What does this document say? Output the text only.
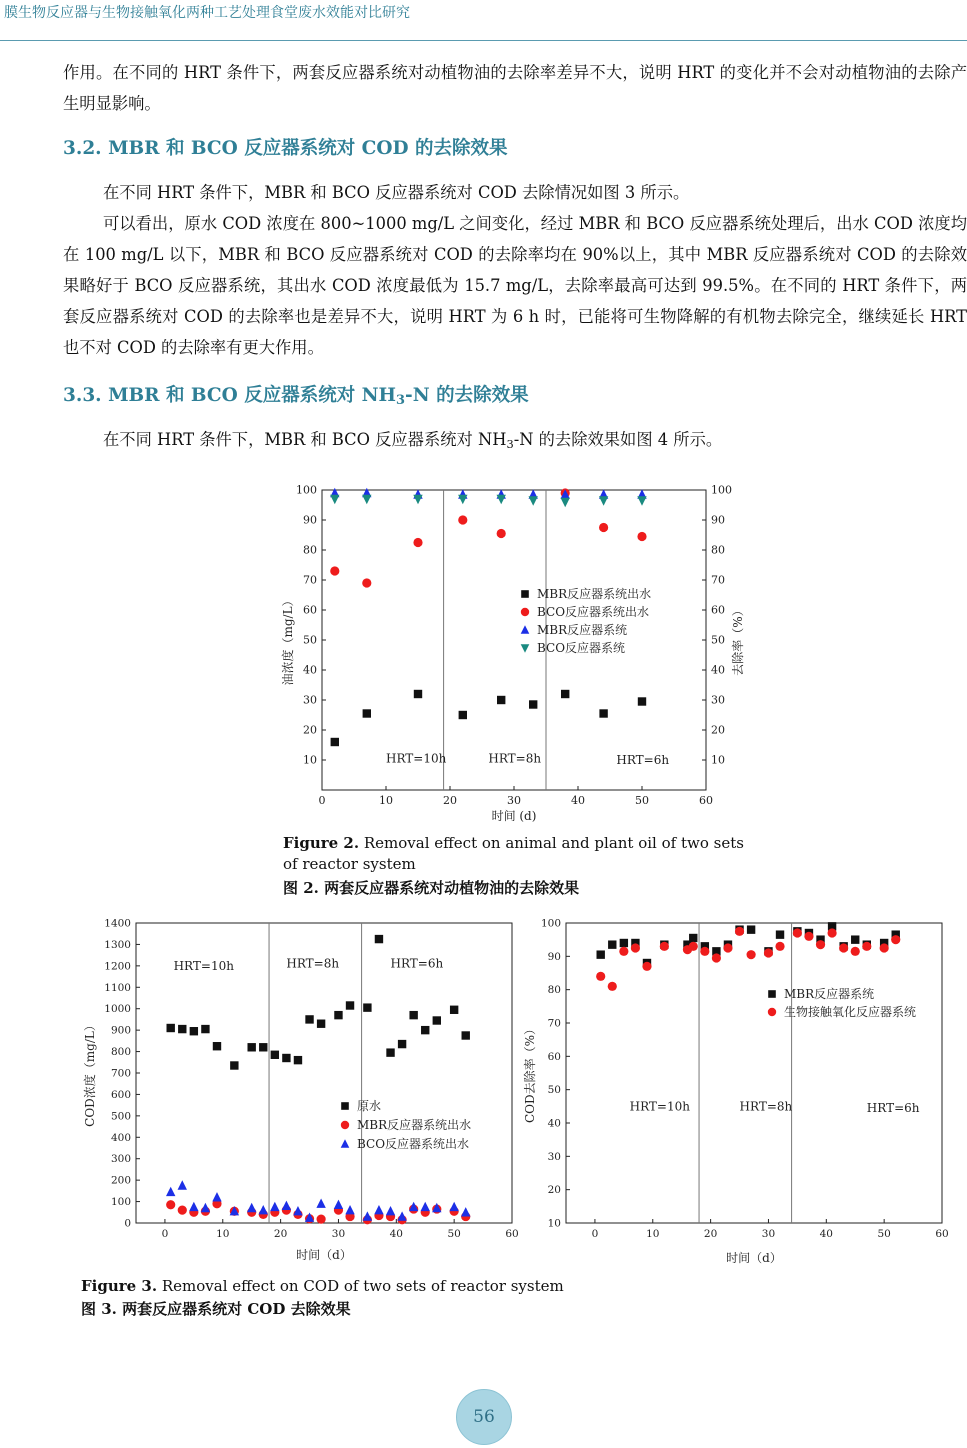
膜生物反应器与生物接触氧化两种工艺处理食堂废水效能对比研究

作用。在不同的 HRT 条件下，两套反应器系统对动植物油的去除率差异不大，说明 HRT 的变化并不会对动植物油的去除产生明显影响。

3.2. MBR 和 BCO 反应器系统对 COD 的去除效果

在不同 HRT 条件下，MBR 和 BCO 反应器系统对 COD 去除情况如图 3 所示。

可以看出，原水 COD 浓度在 800~1000 mg/L 之间变化，经过 MBR 和 BCO 反应器系统处理后，出水 COD 浓度均在 100 mg/L 以下，MBR 和 BCO 反应器系统对 COD 的去除率均在 90%以上，其中 MBR 反应器系统对 COD 的去除效果略好于 BCO 反应器系统，其出水 COD 浓度最低为 15.7 mg/L，去除率最高可达到 99.5%。在不同的 HRT 条件下，两套反应器系统对 COD 的去除率也是差异不大，说明 HRT 为 6 h 时，已能将可生物降解的有机物去除完全，继续延长 HRT 也不对 COD 的去除率有更大作用。

3.3. MBR 和 BCO 反应器系统对 $NH_3-N$ 的去除效果

在不同 HRT 条件下，MBR 和 BCO 反应器系统对 $NH_3-N$ 的去除效果如图 4 所示。

0	10	20	30	40	50	60
10
20
30
40
50
60
70
80
90
100
10
20
30
40
50
60
70
80
90
100
去除率（%）
HRT=10h	HRT=8h	HRT=6h
时间 (d)
油浓度（mg/L）
MBR反应器系统出水
BCO反应器系统出水
MBR反应器系统
BCO反应器系统

Figure 2. Removal effect on animal and plant oil of two sets of reactor system

图 2. 两套反应器系统对动植物油的去除效果

0	10	20	30	40	50	60
0
100
200
300
400
500
600
700
800
900
1000
1100
1200
1300
1400
HRT=10h	HRT=8h	HRT=6h
时间（d）
COD浓度（mg/L）	原水
MBR反应器系统出水
BCO反应器系统出水
0	10	20	30	40	50	60
10
20
30
40
50
60
70
80
90
100
HRT=10h	HRT=8h	HRT=6h
时间（d）
COD去除率（%）
MBR反应器系统
生物接触氧化反应器系统

Figure 3. Removal effect on COD of two sets of reactor system

图 3. 两套反应器系统对 COD 去除效果

56
